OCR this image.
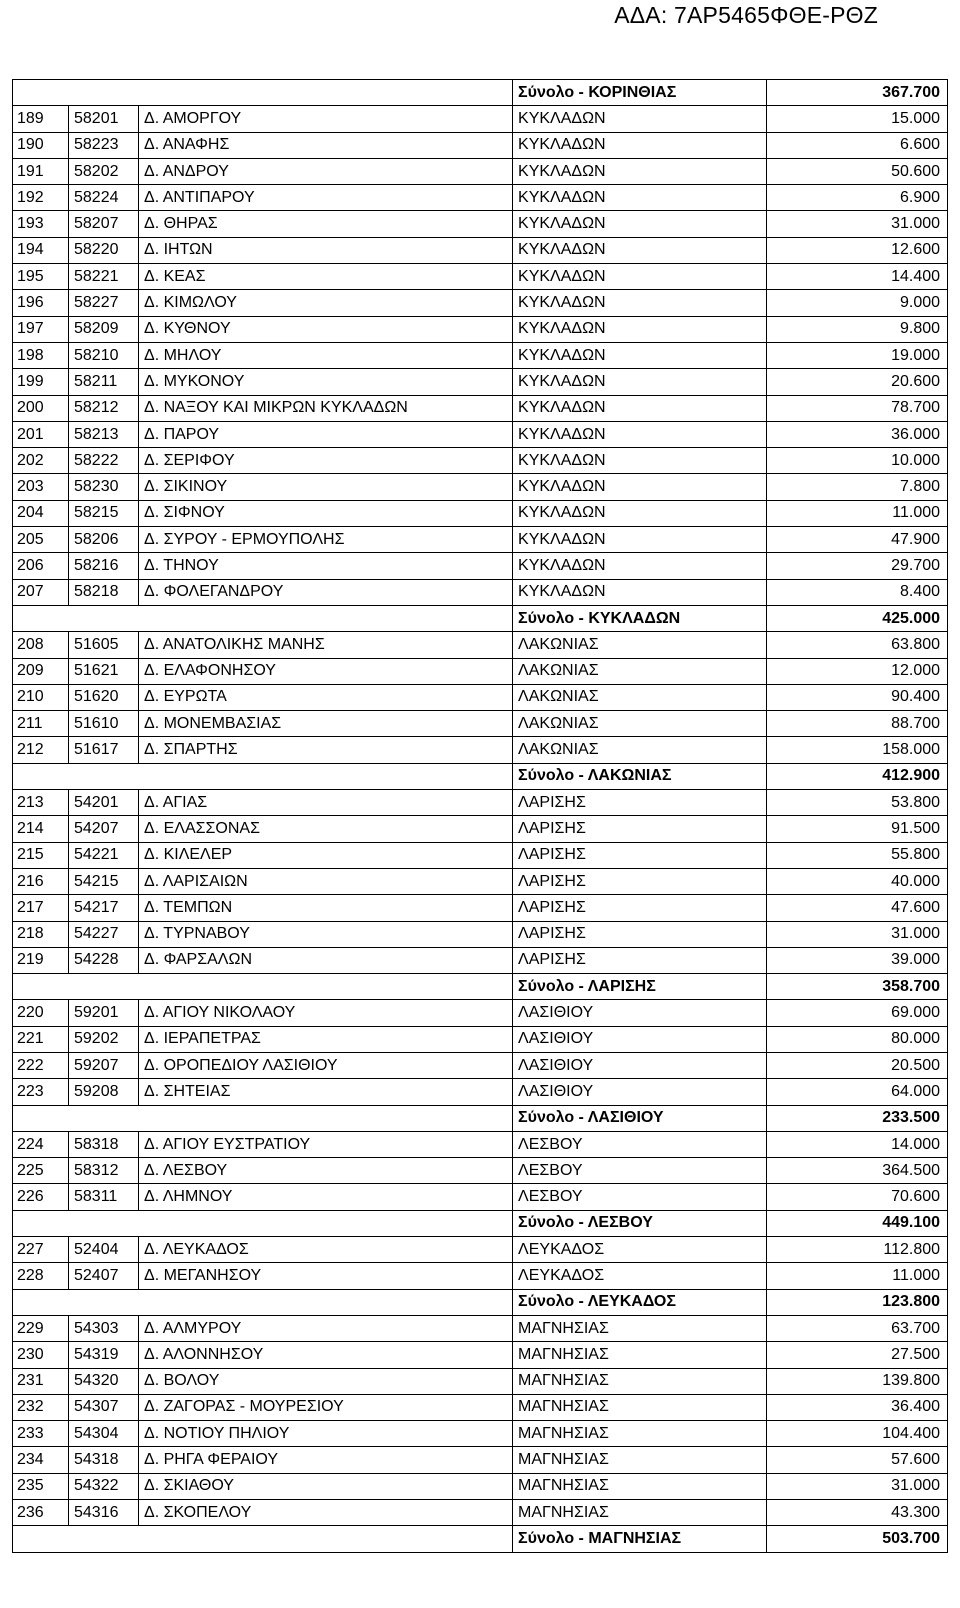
ΑΔΑ: 7ΑΡ5465ΦΘΕ-ΡΘΖ
			Σύνολο - ΚΟΡΙΝΘΙΑΣ	367.700
189	58201	Δ. ΑΜΟΡΓΟΥ	ΚΥΚΛΑΔΩΝ	15.000
190	58223	Δ. ΑΝΑΦΗΣ	ΚΥΚΛΑΔΩΝ	6.600
191	58202	Δ. ΑΝΔΡΟΥ	ΚΥΚΛΑΔΩΝ	50.600
192	58224	Δ. ΑΝΤΙΠΑΡΟΥ	ΚΥΚΛΑΔΩΝ	6.900
193	58207	Δ. ΘΗΡΑΣ	ΚΥΚΛΑΔΩΝ	31.000
194	58220	Δ. ΙΗΤΩΝ	ΚΥΚΛΑΔΩΝ	12.600
195	58221	Δ. ΚΕΑΣ	ΚΥΚΛΑΔΩΝ	14.400
196	58227	Δ. ΚΙΜΩΛΟΥ	ΚΥΚΛΑΔΩΝ	9.000
197	58209	Δ. ΚΥΘΝΟΥ	ΚΥΚΛΑΔΩΝ	9.800
198	58210	Δ. ΜΗΛΟΥ	ΚΥΚΛΑΔΩΝ	19.000
199	58211	Δ. ΜΥΚΟΝΟΥ	ΚΥΚΛΑΔΩΝ	20.600
200	58212	Δ. ΝΑΞΟΥ ΚΑΙ ΜΙΚΡΩΝ ΚΥΚΛΑΔΩΝ	ΚΥΚΛΑΔΩΝ	78.700
201	58213	Δ. ΠΑΡΟΥ	ΚΥΚΛΑΔΩΝ	36.000
202	58222	Δ. ΣΕΡΙΦΟΥ	ΚΥΚΛΑΔΩΝ	10.000
203	58230	Δ. ΣΙΚΙΝΟΥ	ΚΥΚΛΑΔΩΝ	7.800
204	58215	Δ. ΣΙΦΝΟΥ	ΚΥΚΛΑΔΩΝ	11.000
205	58206	Δ. ΣΥΡΟΥ - ΕΡΜΟΥΠΟΛΗΣ	ΚΥΚΛΑΔΩΝ	47.900
206	58216	Δ. ΤΗΝΟΥ	ΚΥΚΛΑΔΩΝ	29.700
207	58218	Δ. ΦΟΛΕΓΑΝΔΡΟΥ	ΚΥΚΛΑΔΩΝ	8.400
			Σύνολο - ΚΥΚΛΑΔΩΝ	425.000
208	51605	Δ. ΑΝΑΤΟΛΙΚΗΣ ΜΑΝΗΣ	ΛΑΚΩΝΙΑΣ	63.800
209	51621	Δ. ΕΛΑΦΟΝΗΣΟΥ	ΛΑΚΩΝΙΑΣ	12.000
210	51620	Δ. ΕΥΡΩΤΑ	ΛΑΚΩΝΙΑΣ	90.400
211	51610	Δ. ΜΟΝΕΜΒΑΣΙΑΣ	ΛΑΚΩΝΙΑΣ	88.700
212	51617	Δ. ΣΠΑΡΤΗΣ	ΛΑΚΩΝΙΑΣ	158.000
			Σύνολο - ΛΑΚΩΝΙΑΣ	412.900
213	54201	Δ. ΑΓΙΑΣ	ΛΑΡΙΣΗΣ	53.800
214	54207	Δ. ΕΛΑΣΣΟΝΑΣ	ΛΑΡΙΣΗΣ	91.500
215	54221	Δ. ΚΙΛΕΛΕΡ	ΛΑΡΙΣΗΣ	55.800
216	54215	Δ. ΛΑΡΙΣΑΙΩΝ	ΛΑΡΙΣΗΣ	40.000
217	54217	Δ. ΤΕΜΠΩΝ	ΛΑΡΙΣΗΣ	47.600
218	54227	Δ. ΤΥΡΝΑΒΟΥ	ΛΑΡΙΣΗΣ	31.000
219	54228	Δ. ΦΑΡΣΑΛΩΝ	ΛΑΡΙΣΗΣ	39.000
			Σύνολο - ΛΑΡΙΣΗΣ	358.700
220	59201	Δ. ΑΓΙΟΥ ΝΙΚΟΛΑΟΥ	ΛΑΣΙΘΙΟΥ	69.000
221	59202	Δ. ΙΕΡΑΠΕΤΡΑΣ	ΛΑΣΙΘΙΟΥ	80.000
222	59207	Δ. ΟΡΟΠΕΔΙΟΥ ΛΑΣΙΘΙΟΥ	ΛΑΣΙΘΙΟΥ	20.500
223	59208	Δ. ΣΗΤΕΙΑΣ	ΛΑΣΙΘΙΟΥ	64.000
			Σύνολο - ΛΑΣΙΘΙΟΥ	233.500
224	58318	Δ. ΑΓΙΟΥ ΕΥΣΤΡΑΤΙΟΥ	ΛΕΣΒΟΥ	14.000
225	58312	Δ. ΛΕΣΒΟΥ	ΛΕΣΒΟΥ	364.500
226	58311	Δ. ΛΗΜΝΟΥ	ΛΕΣΒΟΥ	70.600
			Σύνολο - ΛΕΣΒΟΥ	449.100
227	52404	Δ. ΛΕΥΚΑΔΟΣ	ΛΕΥΚΑΔΟΣ	112.800
228	52407	Δ. ΜΕΓΑΝΗΣΟΥ	ΛΕΥΚΑΔΟΣ	11.000
			Σύνολο - ΛΕΥΚΑΔΟΣ	123.800
229	54303	Δ. ΑΛΜΥΡΟΥ	ΜΑΓΝΗΣΙΑΣ	63.700
230	54319	Δ. ΑΛΟΝΝΗΣΟΥ	ΜΑΓΝΗΣΙΑΣ	27.500
231	54320	Δ. ΒΟΛΟΥ	ΜΑΓΝΗΣΙΑΣ	139.800
232	54307	Δ. ΖΑΓΟΡΑΣ - ΜΟΥΡΕΣΙΟΥ	ΜΑΓΝΗΣΙΑΣ	36.400
233	54304	Δ. ΝΟΤΙΟΥ ΠΗΛΙΟΥ	ΜΑΓΝΗΣΙΑΣ	104.400
234	54318	Δ. ΡΗΓΑ ΦΕΡΑΙΟΥ	ΜΑΓΝΗΣΙΑΣ	57.600
235	54322	Δ. ΣΚΙΑΘΟΥ	ΜΑΓΝΗΣΙΑΣ	31.000
236	54316	Δ. ΣΚΟΠΕΛΟΥ	ΜΑΓΝΗΣΙΑΣ	43.300
			Σύνολο - ΜΑΓΝΗΣΙΑΣ	503.700
